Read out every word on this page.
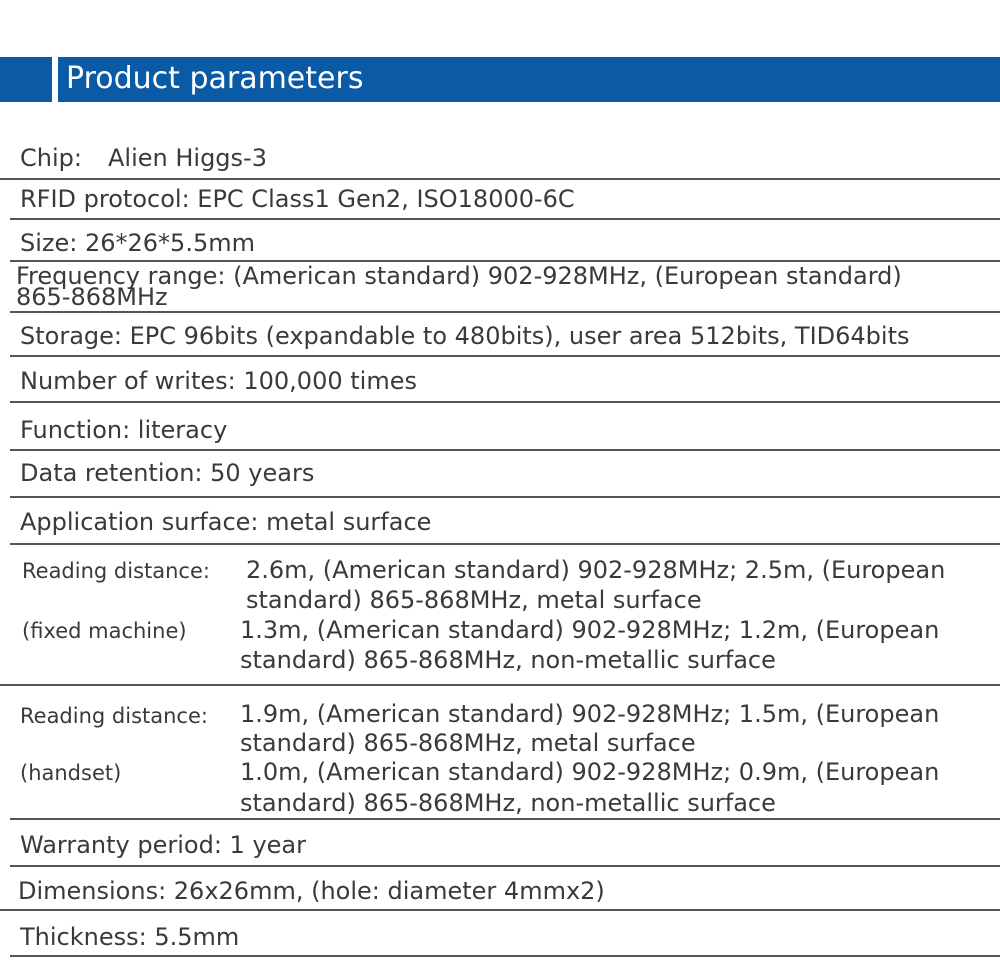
Product parameters
Chip: Alien Higgs-3
RFID protocol: EPC Class1 Gen2, ISO18000-6C
Size: 26*26*5.5mm
Frequency range: (American standard) 902-928MHz, (European standard)
865-868MHz
Storage: EPC 96bits (expandable to 480bits), user area 512bits, TID64bits
Number of writes: 100,000 times
Function: literacy
Data retention: 50 years
Application surface: metal surface
Reading distance:
(fixed machine)
2.6m, (American standard) 902-928MHz; 2.5m, (European
standard) 865-868MHz, metal surface
1.3m, (American standard) 902-928MHz; 1.2m, (European
standard) 865-868MHz, non-metallic surface
Reading distance:
(handset)
1.9m, (American standard) 902-928MHz; 1.5m, (European
standard) 865-868MHz, metal surface
1.0m, (American standard) 902-928MHz; 0.9m, (European
standard) 865-868MHz, non-metallic surface
Warranty period: 1 year
Dimensions: 26x26mm, (hole: diameter 4mmx2)
Thickness: 5.5mm
